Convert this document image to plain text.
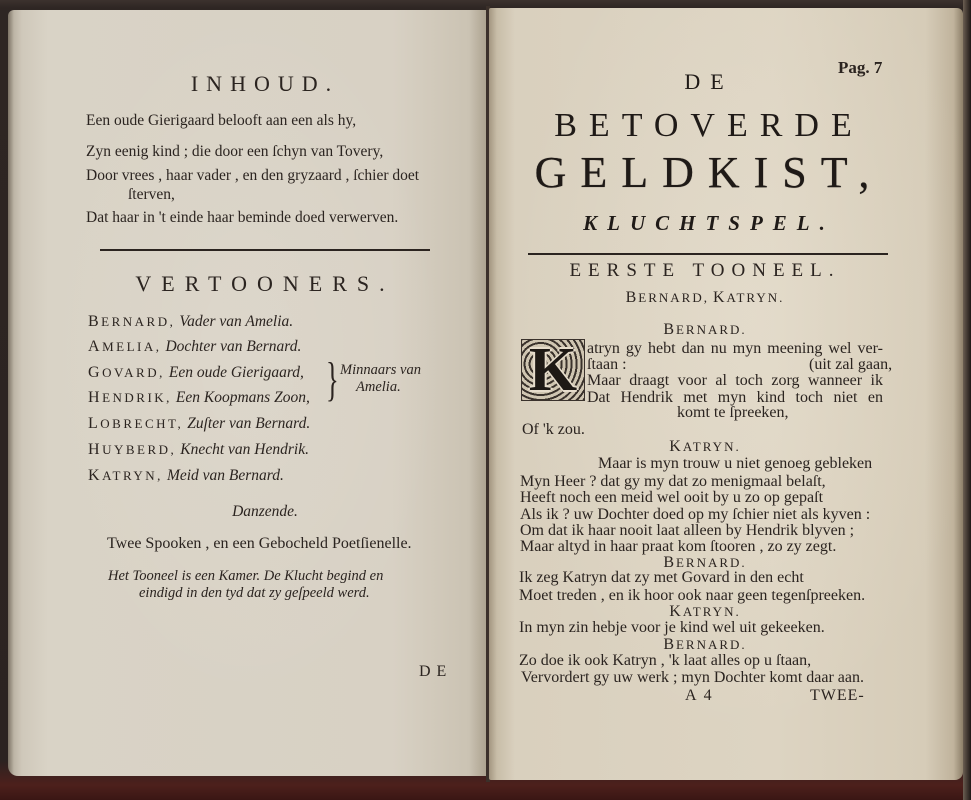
INHOUD.
Een oude Gierigaard belooft aan een als hy,
Zyn eenig kind ; die door een ſchyn van Tovery,
Door vrees , haar vader , en den gryzaard , ſchier doet
ſterven,
Dat haar in 't einde haar beminde doed verwerven.
VERTOONERS.
BERNARD, Vader van Amelia.
AMELIA, Dochter van Bernard.
GOVARD, Een oude Gierigaard,
HENDRIK, Een Koopmans Zoon,
LOBRECHT, Zuſter van Bernard.
HUYBERD, Knecht van Hendrik.
KATRYN, Meid van Bernard.
} Minnaars van
Amelia.
Danzende.
Twee Spooken , en een Gebocheld Poetſienelle.
Het Tooneel is een Kamer. De Klucht begind en
eindigd in den tyd dat zy geſpeeld werd.
DE
Pag. 7
DE
BETOVERDE
GELDKIST,
KLUCHTSPEL.
EERSTE TOONEEL.
BERNARD, KATRYN.
BERNARD.
K atryn gy hebt dan nu myn meening wel ver-
ſtaan :	(uit zal gaan,
Maar draagt voor al toch zorg wanneer ik
Dat Hendrik met myn kind toch niet en
komt te ſpreeken,
Of 'k zou.
KATRYN.
Maar is myn trouw u niet genoeg gebleken
Myn Heer ? dat gy my dat zo menigmaal belaſt,
Heeft noch een meid wel ooit by u zo op gepaſt
Als ik ? uw Dochter doed op my ſchier niet als kyven :
Om dat ik haar nooit laat alleen by Hendrik blyven ;
Maar altyd in haar praat kom ſtooren , zo zy zegt.
BERNARD.
Ik zeg Katryn dat zy met Govard in den echt
Moet treden , en ik hoor ook naar geen tegenſpreeken.
KATRYN.
In myn zin hebje voor je kind wel uit gekeeken.
BERNARD.
Zo doe ik ook Katryn , 'k laat alles op u ſtaan,
Vervordert gy uw werk ; myn Dochter komt daar aan.
A 4	TWEE-
